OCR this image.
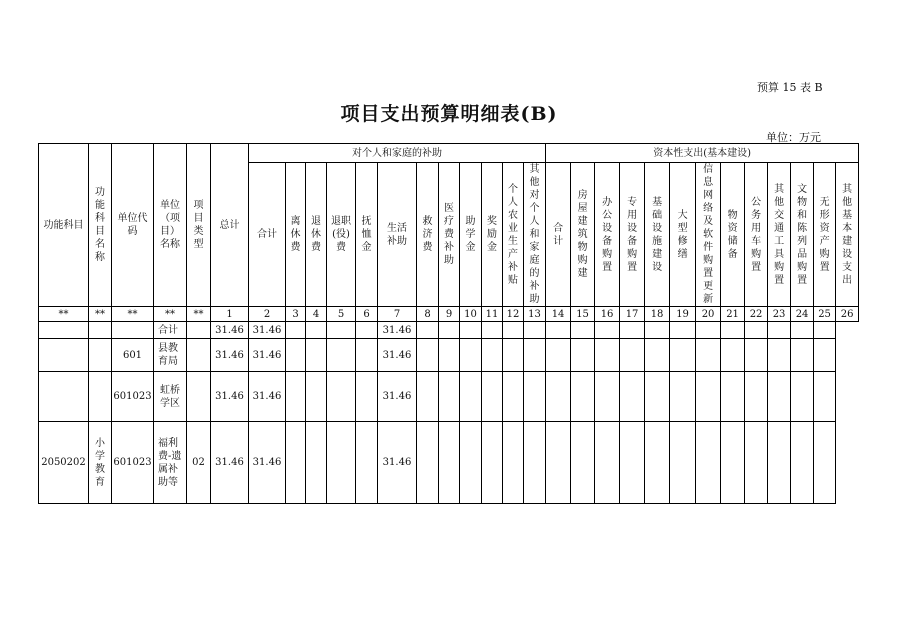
预算 15 表 B
项目支出预算明细表(B)
单位：万元
功能科目	功能科目名称	单位代码	单位（项目）名称	项目类型	总计	对个人和家庭的补助												资本性支出(基本建设)												
						合计	离休费	退休费	退职(役)费	抚恤金	生活补助	救济费	医疗费补助	助学金	奖励金	个人农业生产补贴	其他对个人和家庭的补助	合计	房屋建筑物购建	办公设备购置	专用设备购置	基础设施建设	大型修缮	信息网络及软件购置更新	物资储备	公务用车购置	其他交通工具购置	文物和陈列品购置	无形资产购置	其他基本建设支出
**	**	**	**	**	1	2	3	4	5	6	7	8	9	10	11	12	13	14	15	16	17	18	19	20	21	22	23	24	25	26
			合计		31.46	31.46					31.46																			
		601	县教育局		31.46	31.46					31.46																			
		601023	虹桥学区		31.46	31.46					31.46																			
2050202	小学教育	601023	福利费-遗属补助等	02	31.46	31.46					31.46																			
